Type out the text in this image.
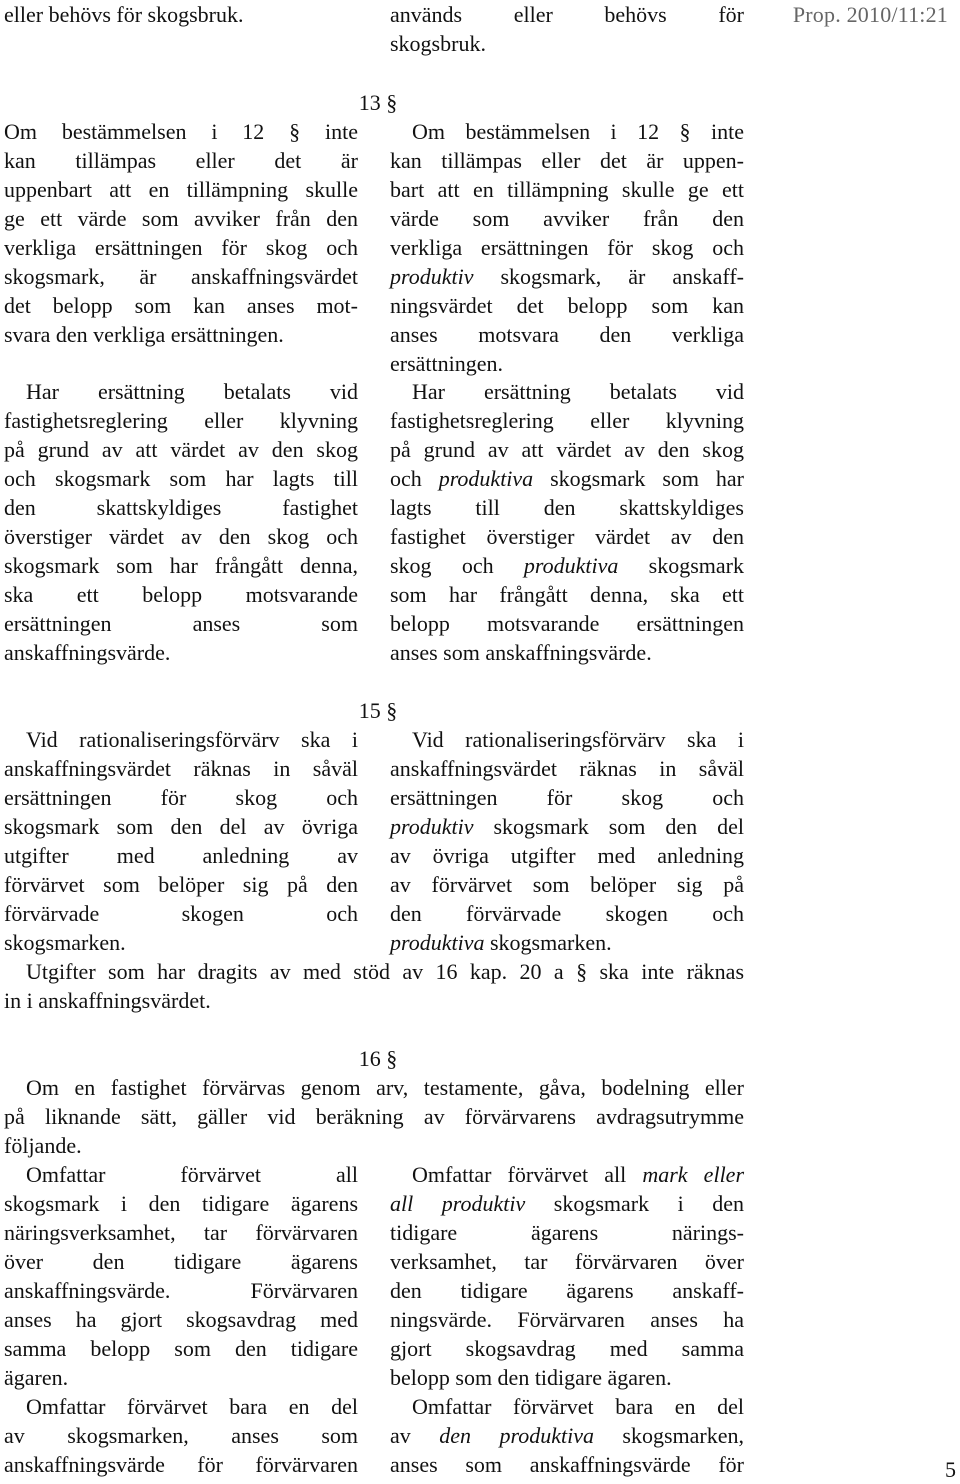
eller behövs för skogsbruk.	används eller behövs för
skogsbruk.
Prop. 2010/11:21
13 §
Om bestämmelsen i 12 § inte
kan tillämpas eller det är
uppenbart att en tillämpning skulle
ge ett värde som avviker från den
verkliga ersättningen för skog och
skogsmark, är anskaffningsvärdet
det belopp som kan anses mot-
svara den verkliga ersättningen.
Har ersättning betalats vid
fastighetsreglering eller klyvning
på grund av att värdet av den skog
och skogsmark som har lagts till
den skattskyldiges fastighet
överstiger värdet av den skog och
skogsmark som har frångått denna,
ska ett belopp motsvarande
ersättningen anses som
anskaffningsvärde.
Om bestämmelsen i 12 § inte
kan tillämpas eller det är uppen-
bart att en tillämpning skulle ge ett
värde som avviker från den
verkliga ersättningen för skog och
produktiv skogsmark, är anskaff-
ningsvärdet det belopp som kan
anses motsvara den verkliga
ersättningen.
Har ersättning betalats vid
fastighetsreglering eller klyvning
på grund av att värdet av den skog
och produktiva skogsmark som har
lagts till den skattskyldiges
fastighet överstiger värdet av den
skog och produktiva skogsmark
som har frångått denna, ska ett
belopp motsvarande ersättningen
anses som anskaffningsvärde.
15 §
Vid rationaliseringsförvärv ska i
anskaffningsvärdet räknas in såväl
ersättningen för skog och
skogsmark som den del av övriga
utgifter med anledning av
förvärvet som belöper sig på den
förvärvade skogen och
skogsmarken.
Vid rationaliseringsförvärv ska i
anskaffningsvärdet räknas in såväl
ersättningen för skog och
produktiv skogsmark som den del
av övriga utgifter med anledning
av förvärvet som belöper sig på
den förvärvade skogen och
produktiva skogsmarken.
Utgifter som har dragits av med stöd av 16 kap. 20 a § ska inte räknas
in i anskaffningsvärdet.
16 §
Om en fastighet förvärvas genom arv, testamente, gåva, bodelning eller
på liknande sätt, gäller vid beräkning av förvärvarens avdragsutrymme
följande.
Omfattar förvärvet all
skogsmark i den tidigare ägarens
näringsverksamhet, tar förvärvaren
över den tidigare ägarens
anskaffningsvärde. Förvärvaren
anses ha gjort skogsavdrag med
samma belopp som den tidigare
ägaren.
Omfattar förvärvet bara en del
av skogsmarken, anses som
anskaffningsvärde för förvärvaren
Omfattar förvärvet all mark eller
all produktiv skogsmark i den
tidigare ägarens närings-
verksamhet, tar förvärvaren över
den tidigare ägarens anskaff-
ningsvärde. Förvärvaren anses ha
gjort skogsavdrag med samma
belopp som den tidigare ägaren.
Omfattar förvärvet bara en del
av den produktiva skogsmarken,
anses som anskaffningsvärde för	5
